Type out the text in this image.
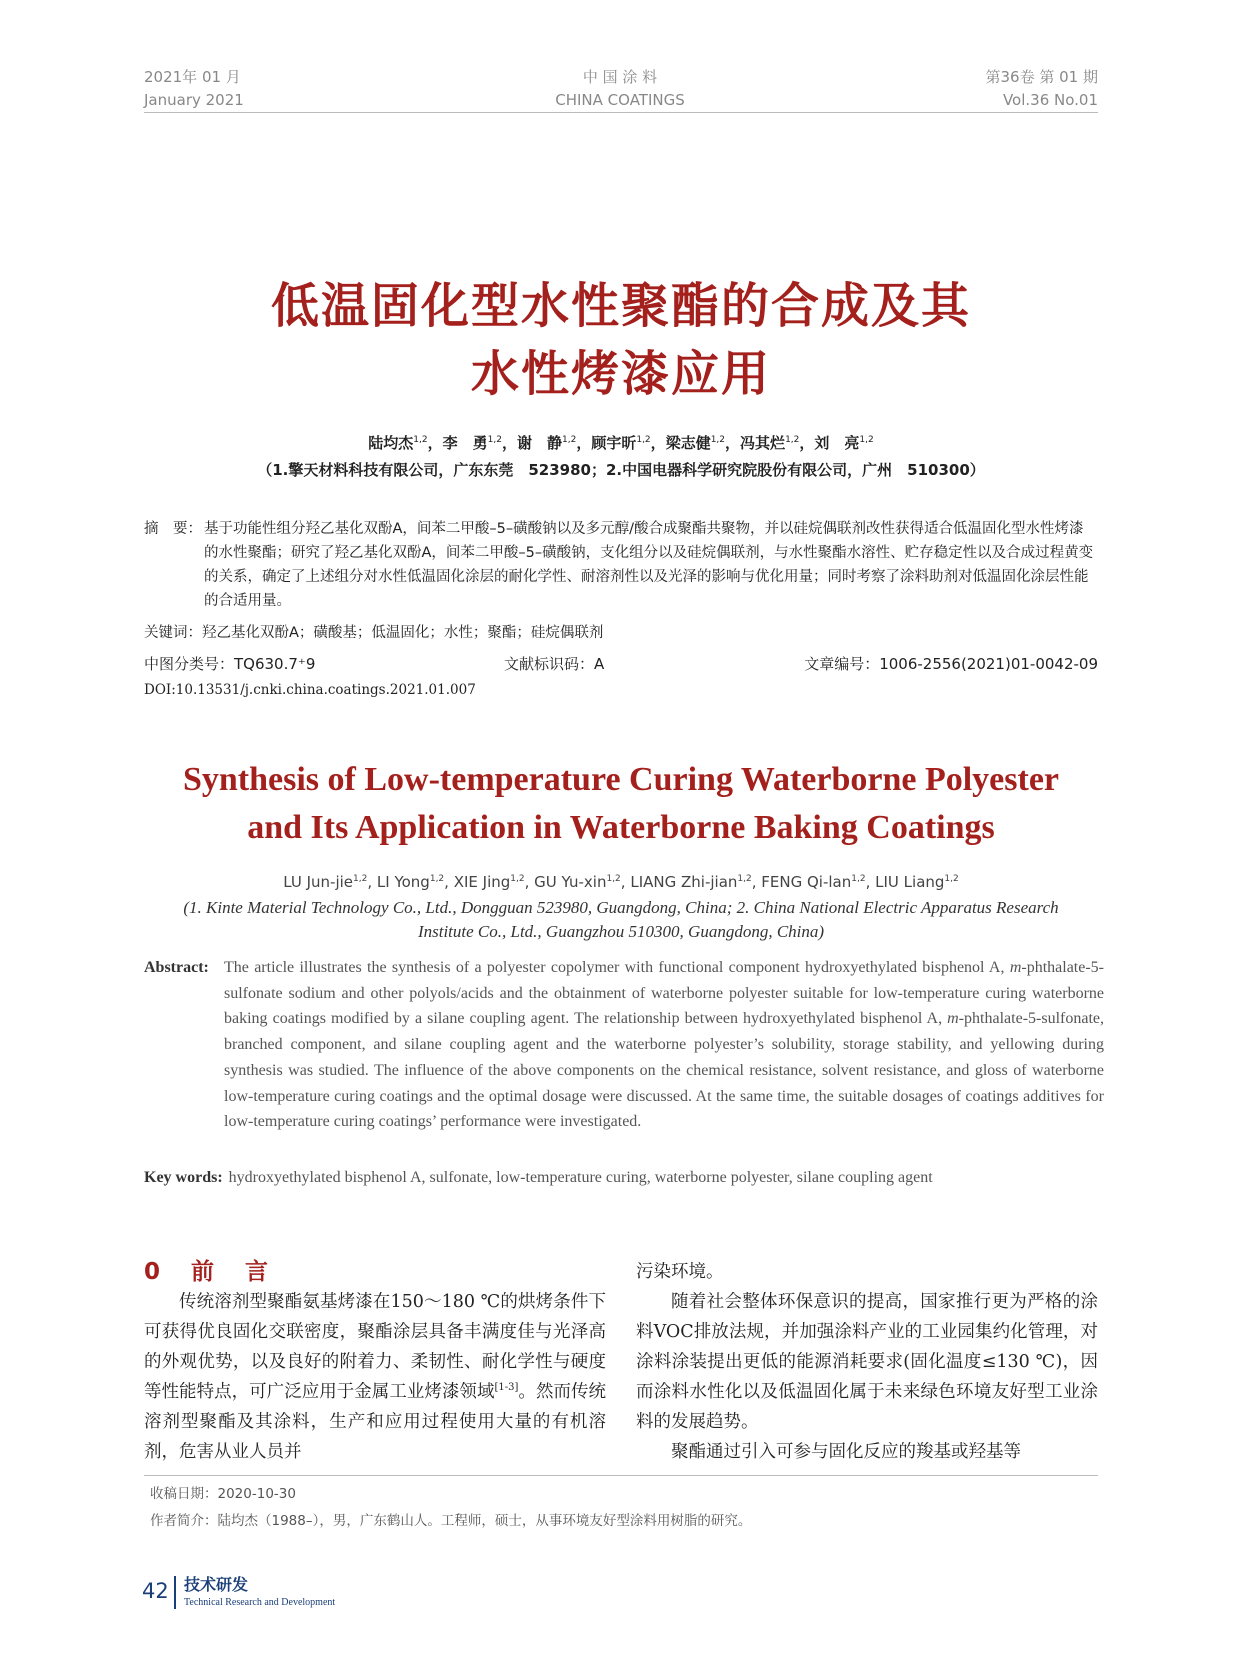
2021年 01 月
January 2021
中 国 涂 料
CHINA COATINGS
第36卷 第 01 期
Vol.36 No.01
低温固化型水性聚酯的合成及其
水性烤漆应用
陆均杰$^{1,2}$，李　勇$^{1,2}$，谢　静$^{1,2}$，顾宇昕$^{1,2}$，梁志健$^{1,2}$，冯其烂$^{1,2}$，刘　亮$^{1,2}$
（1.擎天材料科技有限公司，广东东莞　523980；2.中国电器科学研究院股份有限公司，广州　510300）
摘　要： 基于功能性组分羟乙基化双酚A，间苯二甲酸–5–磺酸钠以及多元醇/酸合成聚酯共聚物，并以硅烷偶联剂改性获得适合低温固化型水性烤漆的水性聚酯；研究了羟乙基化双酚A，间苯二甲酸–5–磺酸钠，支化组分以及硅烷偶联剂，与水性聚酯水溶性、贮存稳定性以及合成过程黄变的关系，确定了上述组分对水性低温固化涂层的耐化学性、耐溶剂性以及光泽的影响与优化用量；同时考察了涂料助剂对低温固化涂层性能的合适用量。
关键词：羟乙基化双酚A；磺酸基；低温固化；水性；聚酯；硅烷偶联剂
中图分类号：TQ630.7⁺9	文献标识码：A	文章编号：1006-2556(2021)01-0042-09
DOI:10.13531/j.cnki.china.coatings.2021.01.007
Synthesis of Low-temperature Curing Waterborne Polyester
and Its Application in Waterborne Baking Coatings
LU Jun-jie$^{1,2}$, LI Yong$^{1,2}$, XIE Jing$^{1,2}$, GU Yu-xin$^{1,2}$, LIANG Zhi-jian$^{1,2}$, FENG Qi-lan$^{1,2}$, LIU Liang$^{1,2}$
(1. Kinte Material Technology Co., Ltd., Dongguan 523980, Guangdong, China; 2. China National Electric Apparatus Research
Institute Co., Ltd., Guangzhou 510300, Guangdong, China)
Abstract: The article illustrates the synthesis of a polyester copolymer with functional component hydroxyethylated bisphenol A, m-phthalate-5-sulfonate sodium and other polyols/acids and the obtainment of waterborne polyester suitable for low-temperature curing waterborne baking coatings modified by a silane coupling agent. The relationship between hydroxyethylated bisphenol A, m-phthalate-5-sulfonate, branched component, and silane coupling agent and the waterborne polyester’s solubility, storage stability, and yellowing during synthesis was studied. The influence of the above components on the chemical resistance, solvent resistance, and gloss of waterborne low-temperature curing coatings and the optimal dosage were discussed. At the same time, the suitable dosages of coatings additives for low-temperature curing coatings’ performance were investigated.
Key words: hydroxyethylated bisphenol A, sulfonate, low-temperature curing, waterborne polyester, silane coupling agent
0　前　言

传统溶剂型聚酯氨基烤漆在150～180 ℃的烘烤条件下可获得优良固化交联密度，聚酯涂层具备丰满度佳与光泽高的外观优势，以及良好的附着力、柔韧性、耐化学性与硬度等性能特点，可广泛应用于金属工业烤漆领域[1-3]。然而传统溶剂型聚酯及其涂料，生产和应用过程使用大量的有机溶剂，危害从业人员并

污染环境。

随着社会整体环保意识的提高，国家推行更为严格的涂料VOC排放法规，并加强涂料产业的工业园集约化管理，对涂料涂装提出更低的能源消耗要求(固化温度≤130 ℃)，因而涂料水性化以及低温固化属于未来绿色环境友好型工业涂料的发展趋势。

聚酯通过引入可参与固化反应的羧基或羟基等

收稿日期：2020-10-30
作者简介：陆均杰（1988–），男，广东鹤山人。工程师，硕士，从事环境友好型涂料用树脂的研究。
42 技术研发
Technical Research and Development
